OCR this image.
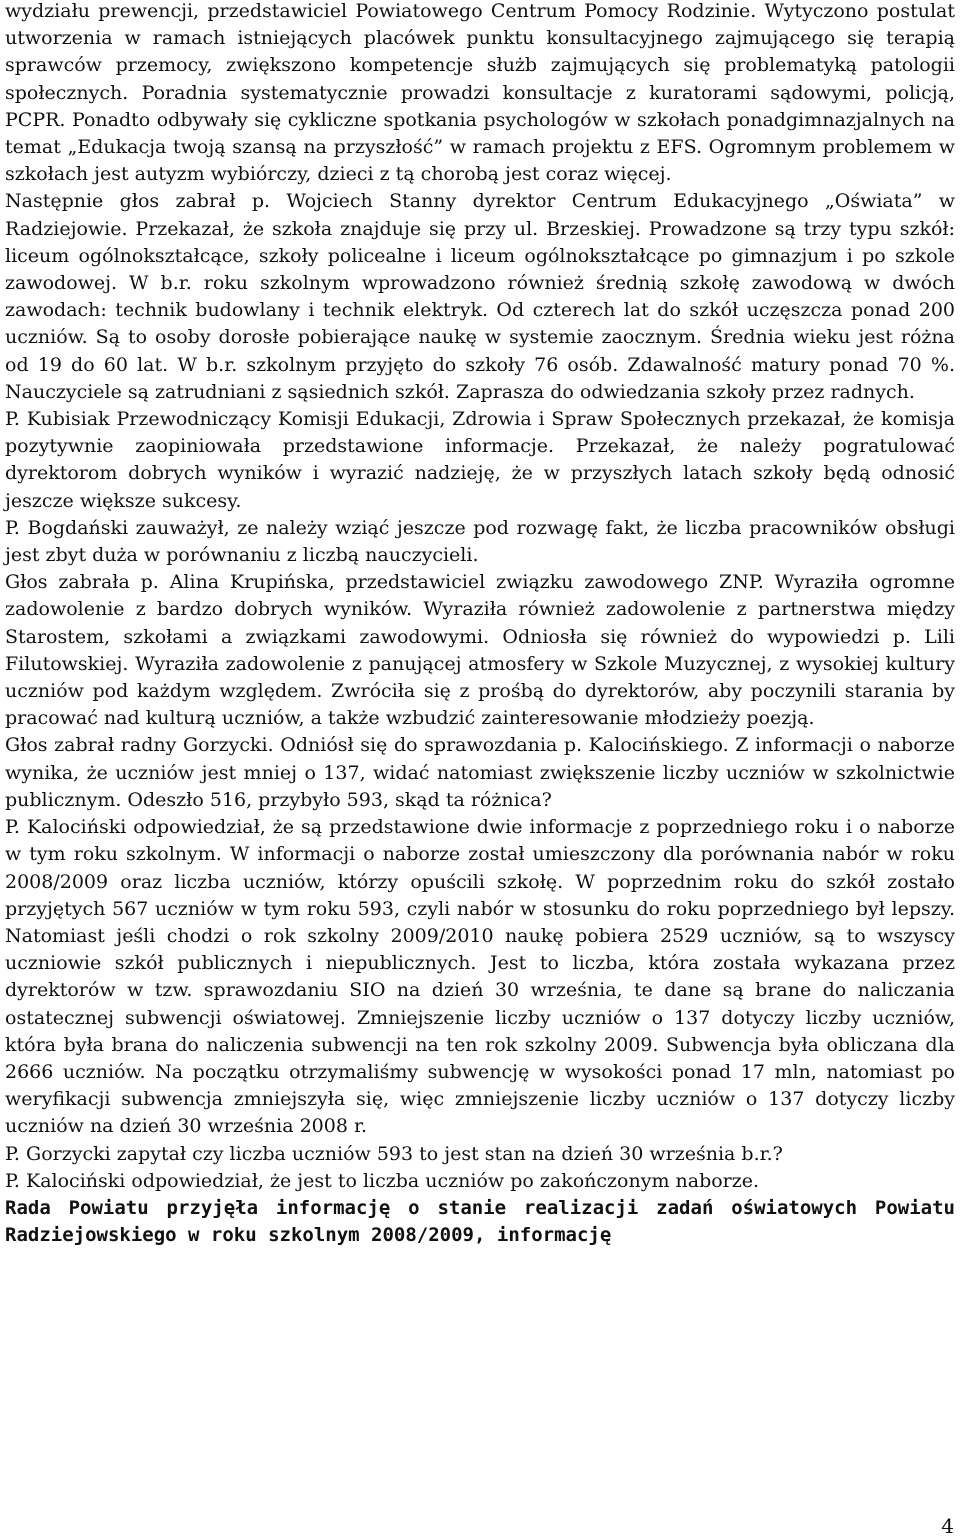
wydziału prewencji, przedstawiciel Powiatowego Centrum Pomocy Rodzinie. Wytyczono postulat utworzenia w ramach istniejących placówek punktu konsultacyjnego zajmującego się terapią sprawców przemocy, zwiększono kompetencje służb zajmujących się problematyką patologii społecznych. Poradnia systematycznie prowadzi konsultacje z kuratorami sądowymi, policją, PCPR. Ponadto odbywały się cykliczne spotkania psychologów w szkołach ponadgimnazjalnych na temat „Edukacja twoją szansą na przyszłość” w ramach projektu z EFS. Ogromnym problemem w szkołach jest autyzm wybiórczy, dzieci z tą chorobą jest coraz więcej.

Następnie głos zabrał p. Wojciech Stanny dyrektor Centrum Edukacyjnego „Oświata” w Radziejowie. Przekazał, że szkoła znajduje się przy ul. Brzeskiej. Prowadzone są trzy typu szkół: liceum ogólnokształcące, szkoły policealne i liceum ogólnokształcące po gimnazjum i po szkole zawodowej. W b.r. roku szkolnym wprowadzono również średnią szkołę zawodową w dwóch zawodach: technik budowlany i technik elektryk. Od czterech lat do szkół uczęszcza ponad 200 uczniów. Są to osoby dorosłe pobierające naukę w systemie zaocznym. Średnia wieku jest różna od 19 do 60 lat. W b.r. szkolnym przyjęto do szkoły 76 osób. Zdawalność matury ponad 70 %. Nauczyciele są zatrudniani z sąsiednich szkół. Zaprasza do odwiedzania szkoły przez radnych.

P. Kubisiak Przewodniczący Komisji Edukacji, Zdrowia i Spraw Społecznych przekazał, że komisja pozytywnie zaopiniowała przedstawione informacje. Przekazał, że należy pogratulować dyrektorom dobrych wyników i wyrazić nadzieję, że w przyszłych latach szkoły będą odnosić jeszcze większe sukcesy.

P. Bogdański zauważył, ze należy wziąć jeszcze pod rozwagę fakt, że liczba pracowników obsługi jest zbyt duża w porównaniu z liczbą nauczycieli.

Głos zabrała p. Alina Krupińska, przedstawiciel związku zawodowego ZNP. Wyraziła ogromne zadowolenie z bardzo dobrych wyników. Wyraziła również zadowolenie z partnerstwa między Starostem, szkołami a związkami zawodowymi. Odniosła się również do wypowiedzi p. Lili Filutowskiej. Wyraziła zadowolenie z panującej atmosfery w Szkole Muzycznej, z wysokiej kultury uczniów pod każdym względem. Zwróciła się z prośbą do dyrektorów, aby poczynili starania by pracować nad kulturą uczniów, a także wzbudzić zainteresowanie młodzieży poezją.

Głos zabrał radny Gorzycki. Odniósł się do sprawozdania p. Kalocińskiego. Z informacji o naborze wynika, że uczniów jest mniej o 137, widać natomiast zwiększenie liczby uczniów w szkolnictwie publicznym. Odeszło 516, przybyło 593, skąd ta różnica?

P. Kalociński odpowiedział, że są przedstawione dwie informacje z poprzedniego roku i o naborze w tym roku szkolnym. W informacji o naborze został umieszczony dla porównania nabór w roku 2008/2009 oraz liczba uczniów, którzy opuścili szkołę. W poprzednim roku do szkół zostało przyjętych 567 uczniów w tym roku 593, czyli nabór w stosunku do roku poprzedniego był lepszy. Natomiast jeśli chodzi o rok szkolny 2009/2010 naukę pobiera 2529 uczniów, są to wszyscy uczniowie szkół publicznych i niepublicznych. Jest to liczba, która została wykazana przez dyrektorów w tzw. sprawozdaniu SIO na dzień 30 września, te dane są brane do naliczania ostatecznej subwencji oświatowej. Zmniejszenie liczby uczniów o 137 dotyczy liczby uczniów, która była brana do naliczenia subwencji na ten rok szkolny 2009. Subwencja była obliczana dla 2666 uczniów. Na początku otrzymaliśmy subwencję w wysokości ponad 17 mln, natomiast po weryfikacji subwencja zmniejszyła się, więc zmniejszenie liczby uczniów o 137 dotyczy liczby uczniów na dzień 30 września 2008 r.

P. Gorzycki zapytał czy liczba uczniów 593 to jest stan na dzień 30 września b.r.?

P. Kalociński odpowiedział, że jest to liczba uczniów po zakończonym naborze.

Rada Powiatu przyjęła informację o stanie realizacji zadań oświatowych Powiatu Radziejowskiego w roku szkolnym 2008/2009, informację

4
